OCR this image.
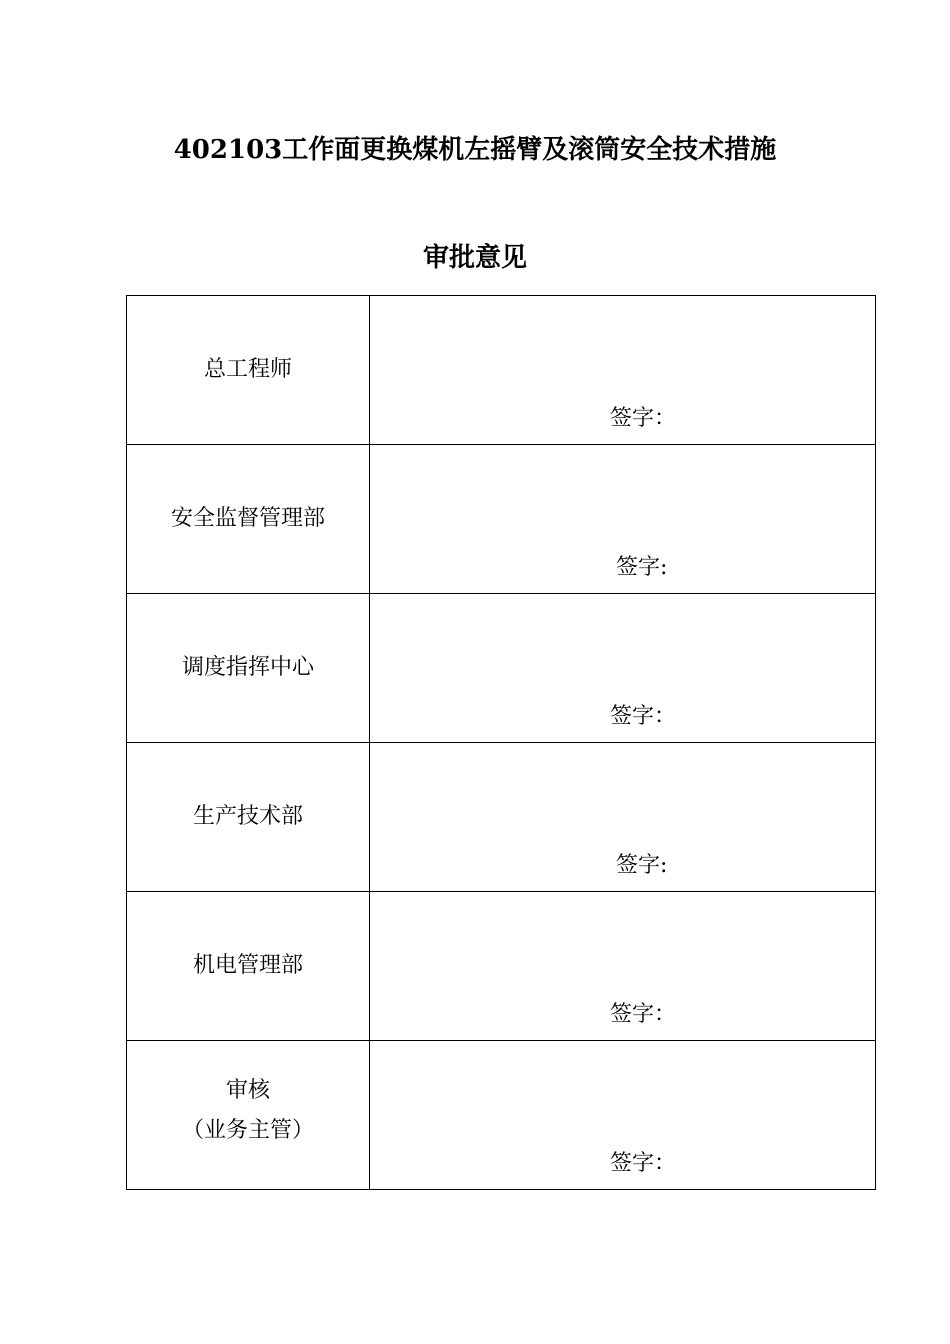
402103工作面更换煤机左摇臂及滚筒安全技术措施
审批意见
总工程师	签字：

安全监督管理部	签字:

调度指挥中心	签字：

生产技术部	签字:

机电管理部	签字：

审核
（业务主管）	签字：
